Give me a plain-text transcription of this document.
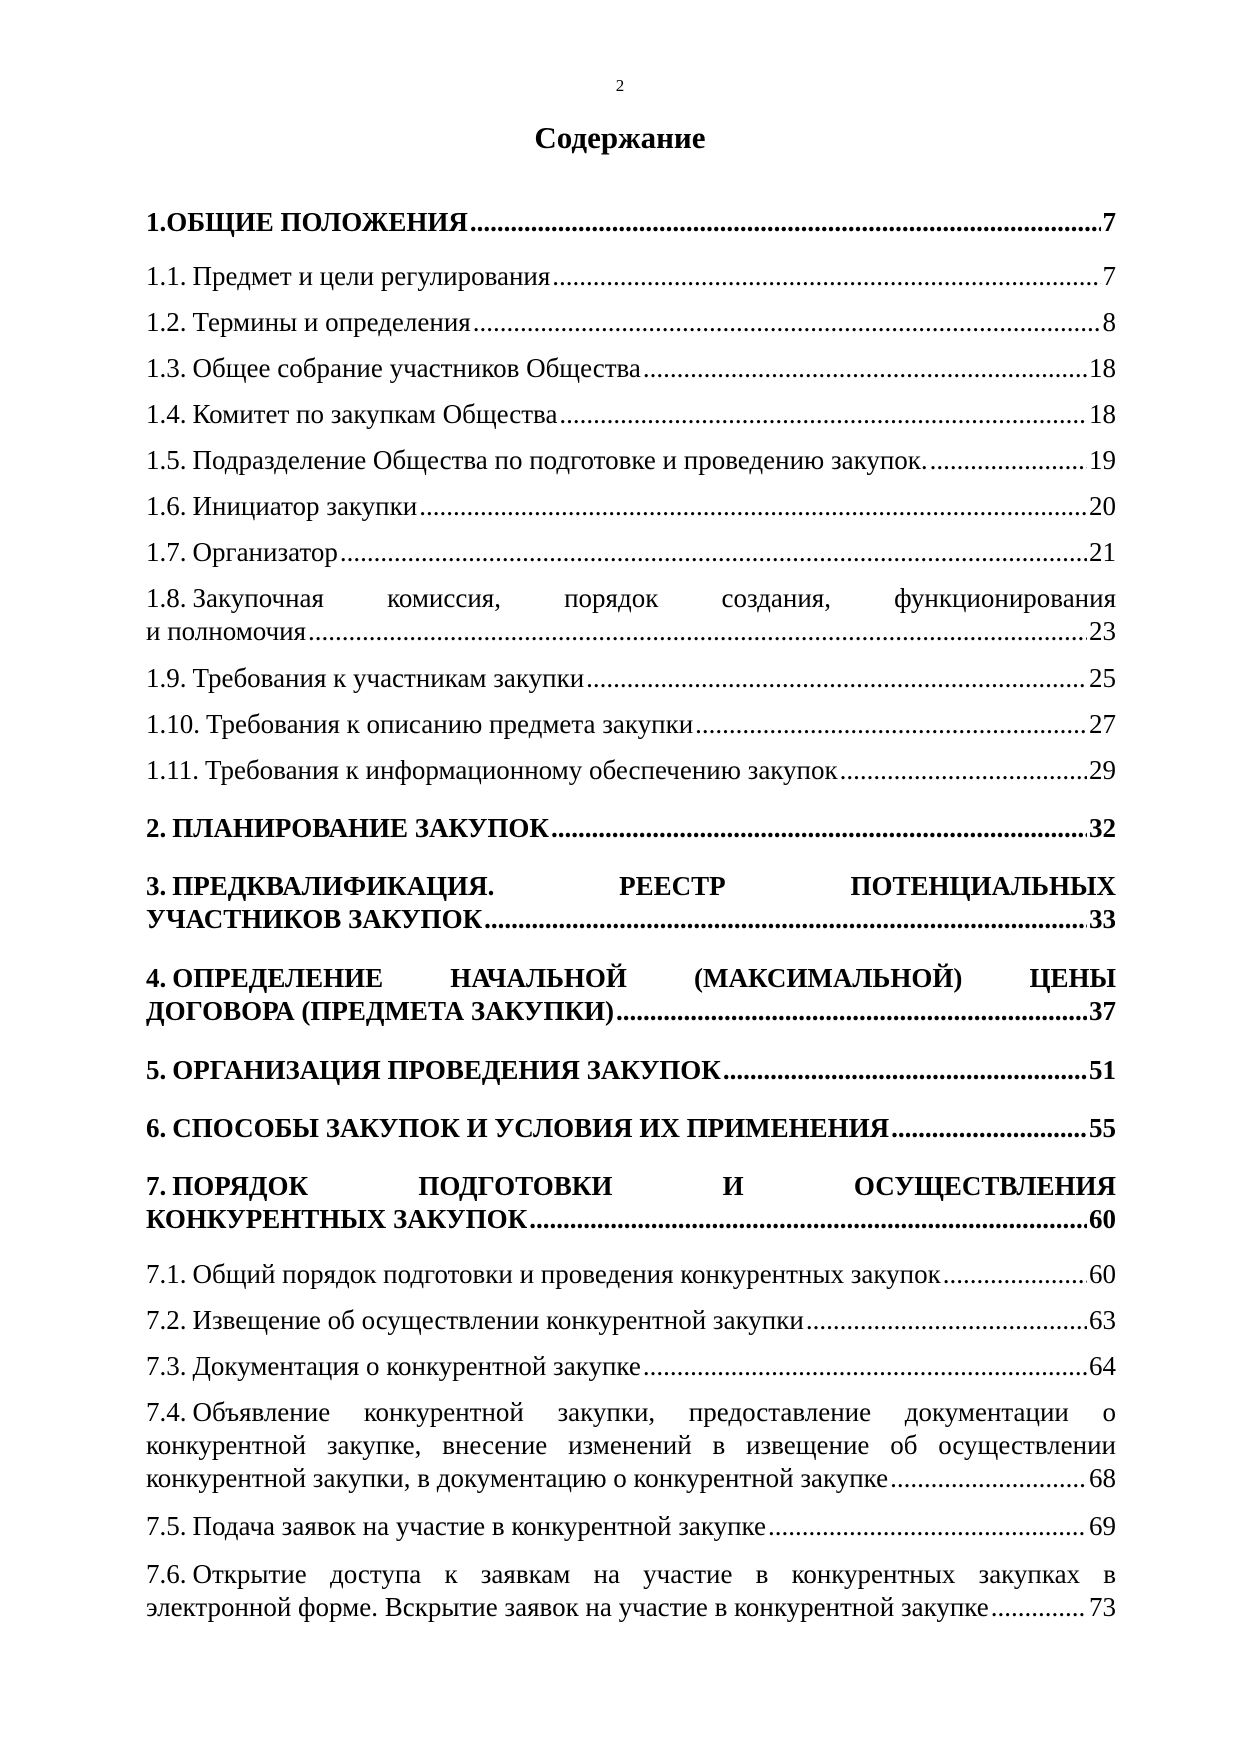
2
Содержание
1. ОБЩИЕ ПОЛОЖЕНИЯ .....	7
1.1. Предмет и цели регулирования .....	7
1.2. Термины и определения .....	8
1.3. Общее собрание участников Общества .....	18
1.4. Комитет по закупкам Общества .....	18
1.5. Подразделение Общества по подготовке и проведению закупок. .....	19
1.6. Инициатор закупки .....	20
1.7. Организатор .....	21
1.8. Закупочная комиссия, порядок создания, функционирования
и полномочия .....	23
1.9. Требования к участникам закупки .....	25
1.10. Требования к описанию предмета закупки .....	27
1.11. Требования к информационному обеспечению закупок .....	29
2. ПЛАНИРОВАНИЕ ЗАКУПОК .....	32
3. ПРЕДКВАЛИФИКАЦИЯ. РЕЕСТР ПОТЕНЦИАЛЬНЫХ
УЧАСТНИКОВ ЗАКУПОК .....	33
4. ОПРЕДЕЛЕНИЕ НАЧАЛЬНОЙ (МАКСИМАЛЬНОЙ) ЦЕНЫ
ДОГОВОРА (ПРЕДМЕТА ЗАКУПКИ) .....	37
5. ОРГАНИЗАЦИЯ ПРОВЕДЕНИЯ ЗАКУПОК .....	51
6. СПОСОБЫ ЗАКУПОК И УСЛОВИЯ ИХ ПРИМЕНЕНИЯ .....	55
7. ПОРЯДОК ПОДГОТОВКИ И ОСУЩЕСТВЛЕНИЯ
КОНКУРЕНТНЫХ ЗАКУПОК .....	60
7.1. Общий порядок подготовки и проведения конкурентных закупок .....	60
7.2. Извещение об осуществлении конкурентной закупки .....	63
7.3. Документация о конкурентной закупке .....	64
7.4. Объявление конкурентной закупки, предоставление документации о
конкурентной закупке, внесение изменений в извещение об осуществлении
конкурентной закупки, в документацию о конкурентной закупке .....	68
7.5. Подача заявок на участие в конкурентной закупке .....	69
7.6. Открытие доступа к заявкам на участие в конкурентных закупках в
электронной форме. Вскрытие заявок на участие в конкурентной закупке .....	73
